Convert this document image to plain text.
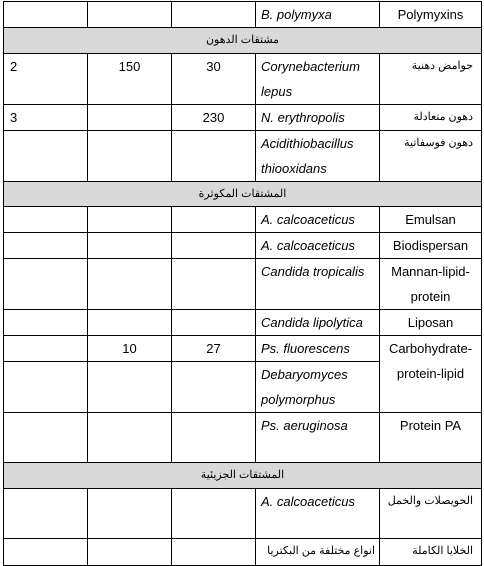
			B. polymyxa	Polymyxins
مشتقات الدهون				
2	150	30	Corynebacterium lepus	حوامض دهنية
3		230	N. erythropolis	دهون متعادلة
			Acidithiobacillus thiooxidans	دهون فوسفاتية
المشتقات المكوثرة				
			A. calcoaceticus	Emulsan
			A. calcoaceticus	Biodispersan
			Candida tropicalis	Mannan-lipid-protein
			Candida lipolytica	Liposan
	10	27	Ps. fluorescens	Carbohydrate-protein-lipid
			Debaryomyces polymorphus	
			Ps. aeruginosa	Protein PA
المشتقات الجزيئية				
			A. calcoaceticus	الحويصلات والخمل
			انواع مختلفة من البكتريا	الخلايا الكاملة
